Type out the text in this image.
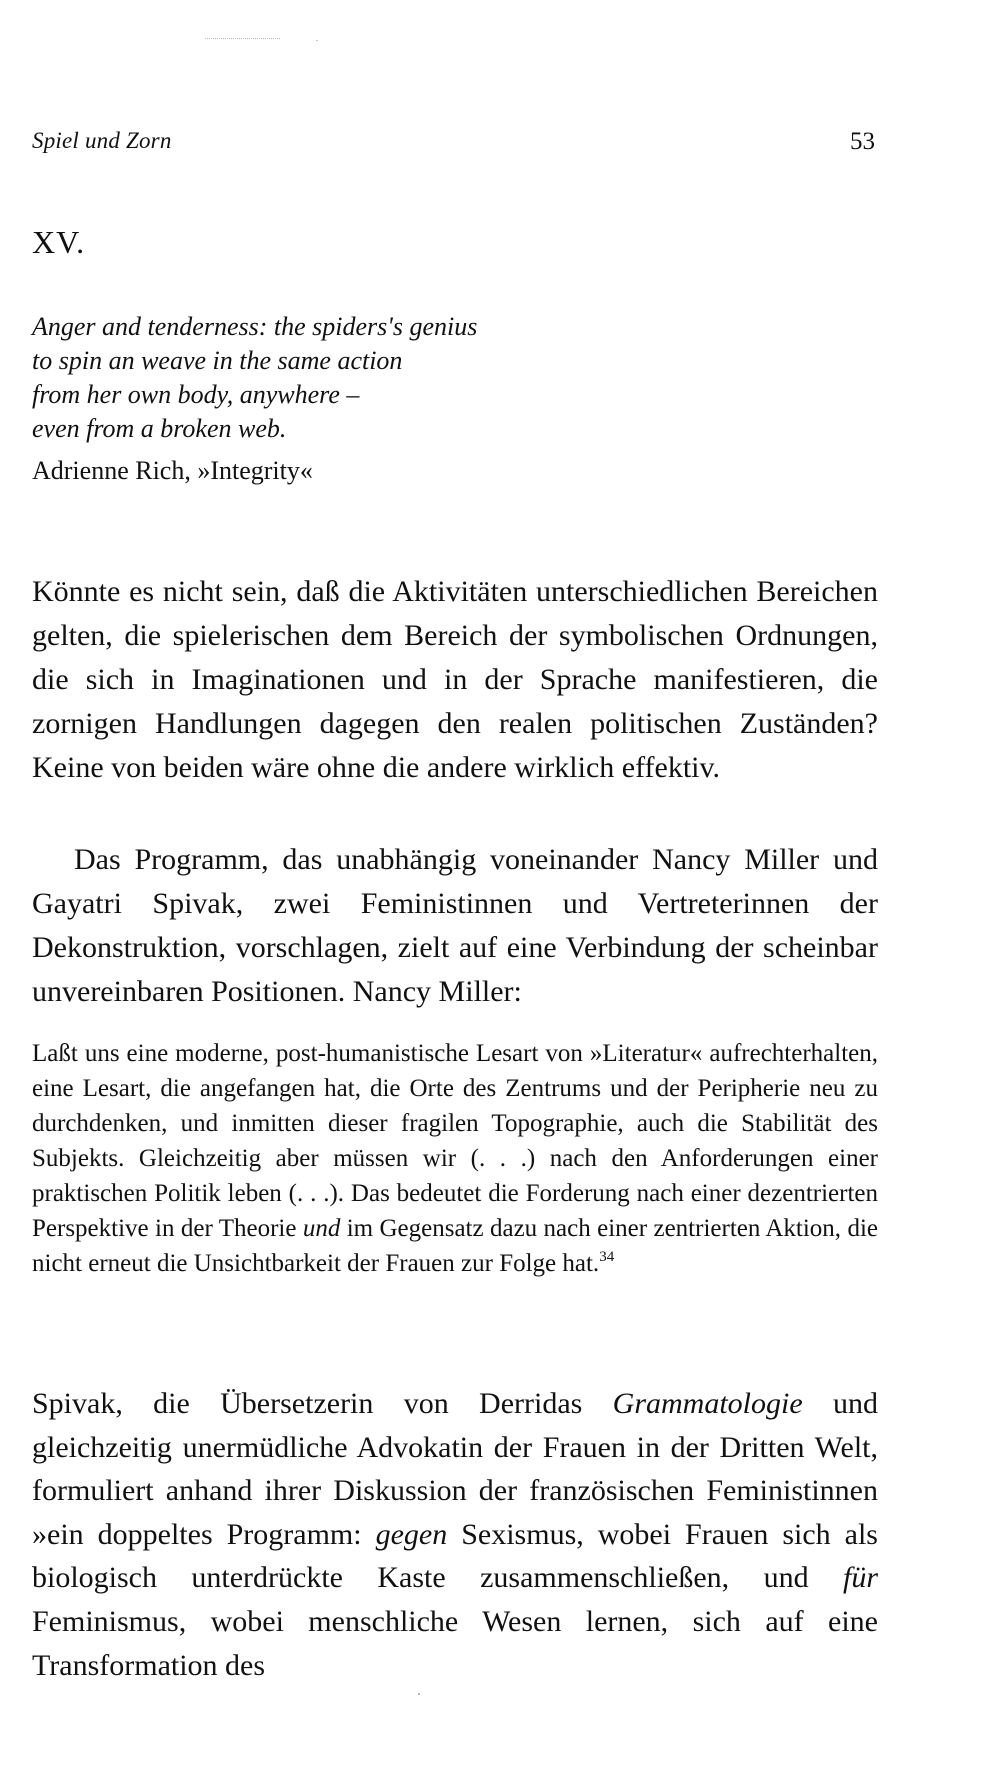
Spiel und Zorn	53
XV.
Anger and tenderness: the spiders's genius
to spin an weave in the same action
from her own body, anywhere –
even from a broken web.
Adrienne Rich, »Integrity«

Könnte es nicht sein, daß die Aktivitäten unterschiedlichen Bereichen gelten, die spielerischen dem Bereich der symbolischen Ordnungen, die sich in Imaginationen und in der Sprache manifestieren, die zornigen Handlungen dagegen den realen politischen Zuständen? Keine von beiden wäre ohne die andere wirklich effektiv.

Das Programm, das unabhängig voneinander Nancy Miller und Gayatri Spivak, zwei Feministinnen und Vertreterinnen der Dekonstruktion, vorschlagen, zielt auf eine Verbindung der scheinbar unvereinbaren Positionen. Nancy Miller:

Laßt uns eine moderne, post-humanistische Lesart von »Literatur« aufrechterhalten, eine Lesart, die angefangen hat, die Orte des Zentrums und der Peripherie neu zu durchdenken, und inmitten dieser fragilen Topographie, auch die Stabilität des Subjekts. Gleichzeitig aber müssen wir (. . .) nach den Anforderungen einer praktischen Politik leben (. . .). Das bedeutet die Forderung nach einer dezentrierten Perspektive in der Theorie und im Gegensatz dazu nach einer zentrierten Aktion, die nicht erneut die Unsichtbarkeit der Frauen zur Folge hat.$^{34}$

Spivak, die Übersetzerin von Derridas Grammatologie und gleichzeitig unermüdliche Advokatin der Frauen in der Dritten Welt, formuliert anhand ihrer Diskussion der französischen Feministinnen »ein doppeltes Programm: gegen Sexismus, wobei Frauen sich als biologisch unterdrückte Kaste zusammenschließen, und für Feminismus, wobei menschliche Wesen lernen, sich auf eine Transformation des
